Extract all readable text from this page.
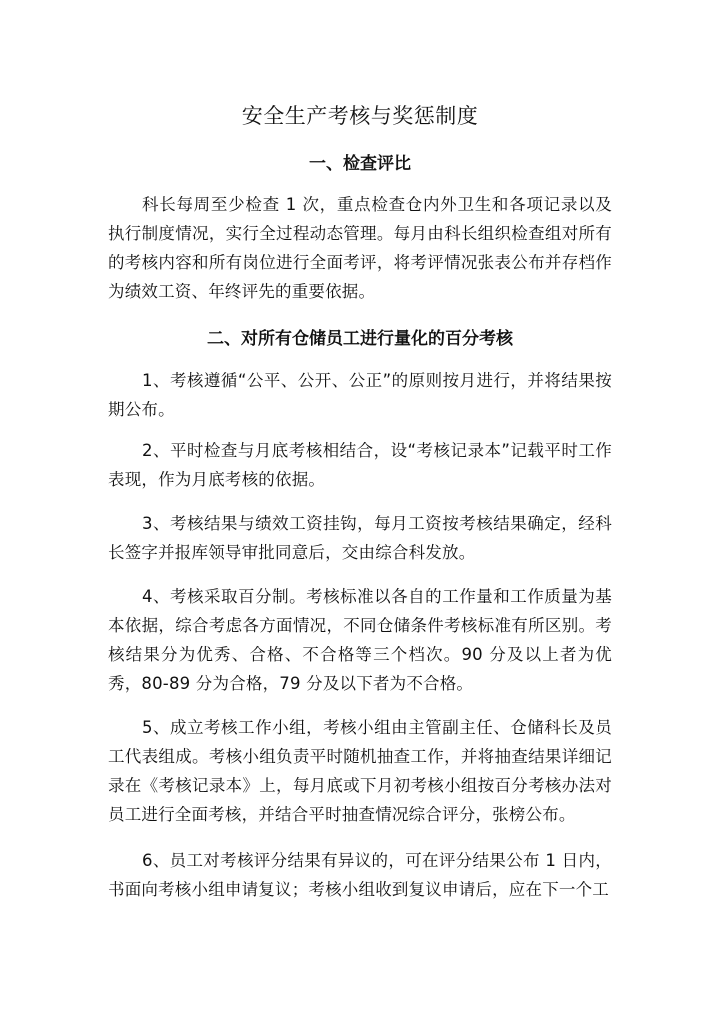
安全生产考核与奖惩制度
一、检查评比

科长每周至少检查 1 次，重点检查仓内外卫生和各项记录以及执行制度情况，实行全过程动态管理。每月由科长组织检查组对所有的考核内容和所有岗位进行全面考评，将考评情况张表公布并存档作为绩效工资、年终评先的重要依据。

二、对所有仓储员工进行量化的百分考核

1、考核遵循“公平、公开、公正”的原则按月进行，并将结果按期公布。

2、平时检查与月底考核相结合，设“考核记录本”记载平时工作表现，作为月底考核的依据。

3、考核结果与绩效工资挂钩，每月工资按考核结果确定，经科长签字并报库领导审批同意后，交由综合科发放。

4、考核采取百分制。考核标准以各自的工作量和工作质量为基本依据，综合考虑各方面情况，不同仓储条件考核标准有所区别。考核结果分为优秀、合格、不合格等三个档次。90 分及以上者为优秀，80-89 分为合格，79 分及以下者为不合格。

5、成立考核工作小组，考核小组由主管副主任、仓储科长及员工代表组成。考核小组负责平时随机抽查工作，并将抽查结果详细记录在《考核记录本》上，每月底或下月初考核小组按百分考核办法对员工进行全面考核，并结合平时抽查情况综合评分，张榜公布。

6、员工对考核评分结果有异议的，可在评分结果公布 1 日内，书面向考核小组申请复议；考核小组收到复议申请后，应在下一个工
